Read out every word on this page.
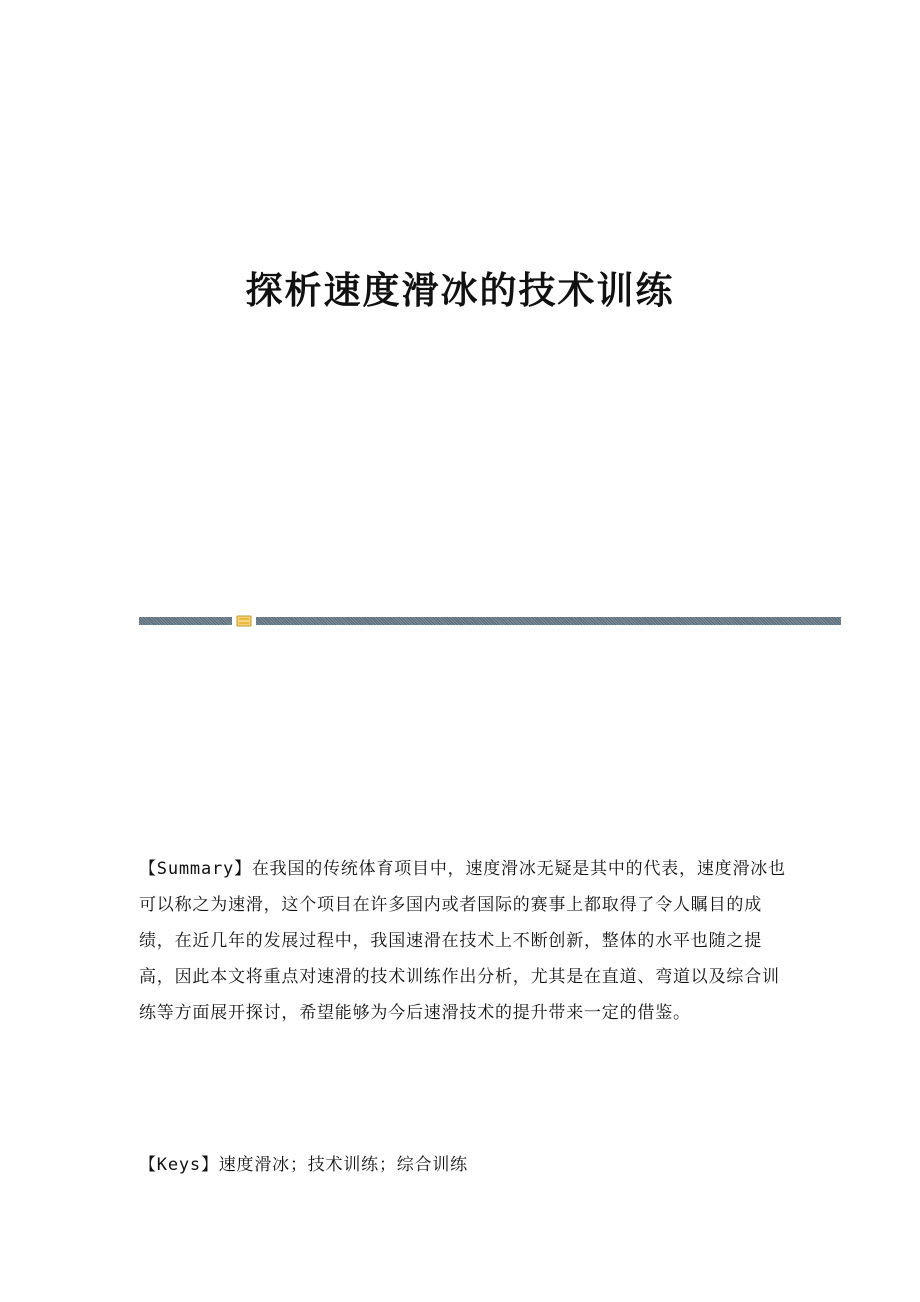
探析速度滑冰的技术训练

【Summary】在我国的传统体育项目中，速度滑冰无疑是其中的代表，速度滑冰也可以称之为速滑，这个项目在许多国内或者国际的赛事上都取得了令人瞩目的成绩，在近几年的发展过程中，我国速滑在技术上不断创新，整体的水平也随之提高，因此本文将重点对速滑的技术训练作出分析，尤其是在直道、弯道以及综合训练等方面展开探讨，希望能够为今后速滑技术的提升带来一定的借鉴。

【Keys】速度滑冰；技术训练；综合训练
